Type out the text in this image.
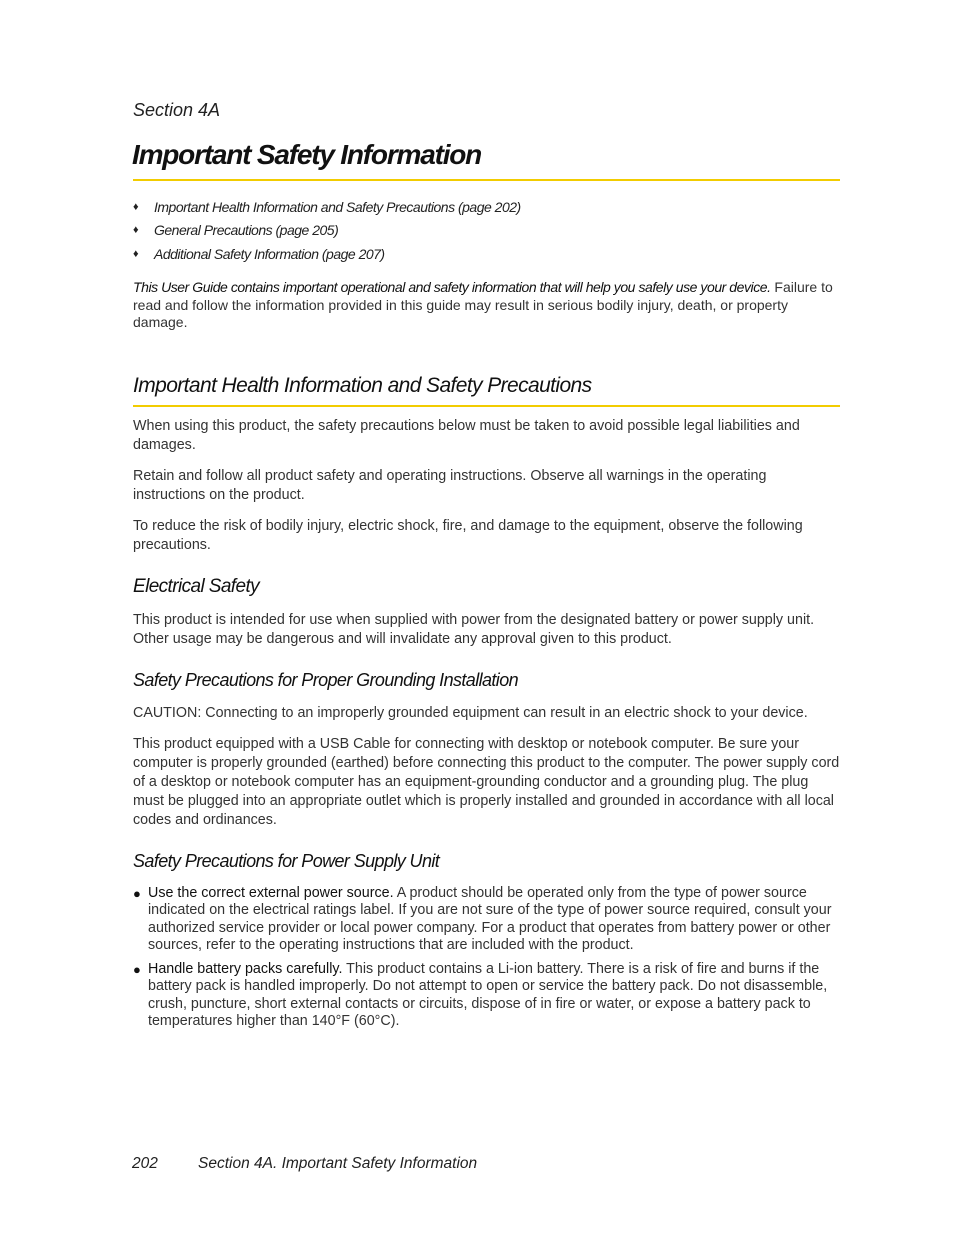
Section 4A
Important Safety Information
♦	Important Health Information and Safety Precautions (page 202)
♦	General Precautions (page 205)
♦	Additional Safety Information (page 207)
This User Guide contains important operational and safety information that will help you safely use your device. Failure to read and follow the information provided in this guide may result in serious bodily injury, death, or property damage.
Important Health Information and Safety Precautions
When using this product, the safety precautions below must be taken to avoid possible legal liabilities and damages.
Retain and follow all product safety and operating instructions. Observe all warnings in the operating instructions on the product.
To reduce the risk of bodily injury, electric shock, fire, and damage to the equipment, observe the following precautions.
Electrical Safety
This product is intended for use when supplied with power from the designated battery or power supply unit. Other usage may be dangerous and will invalidate any approval given to this product.
Safety Precautions for Proper Grounding Installation
CAUTION: Connecting to an improperly grounded equipment can result in an electric shock to your device.
This product equipped with a USB Cable for connecting with desktop or notebook computer. Be sure your computer is properly grounded (earthed) before connecting this product to the computer. The power supply cord of a desktop or notebook computer has an equipment-grounding conductor and a grounding plug. The plug must be plugged into an appropriate outlet which is properly installed and grounded in accordance with all local codes and ordinances.
Safety Precautions for Power Supply Unit
● Use the correct external power source. A product should be operated only from the type of power source indicated on the electrical ratings label. If you are not sure of the type of power source required, consult your authorized service provider or local power company. For a product that operates from battery power or other sources, refer to the operating instructions that are included with the product.
● Handle battery packs carefully. This product contains a Li-ion battery. There is a risk of fire and burns if the battery pack is handled improperly. Do not attempt to open or service the battery pack. Do not disassemble, crush, puncture, short external contacts or circuits, dispose of in fire or water, or expose a battery pack to temperatures higher than 140°F (60°C).
202	Section 4A. Important Safety Information
